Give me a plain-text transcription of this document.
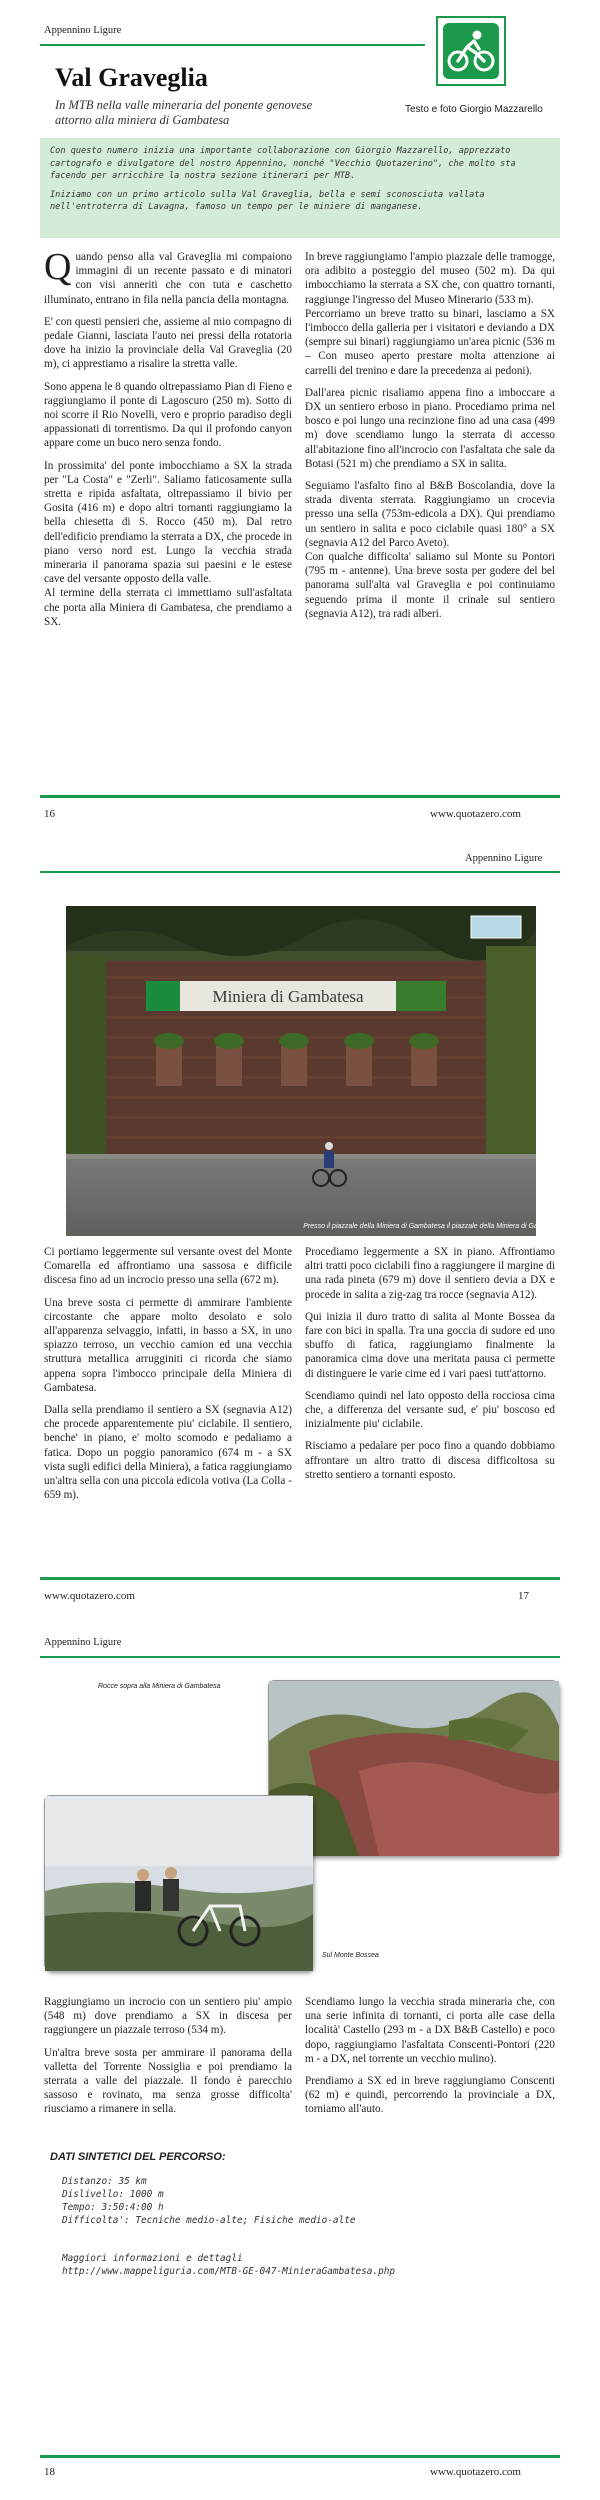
Appennino Ligure
Val Graveglia
In MTB nella valle mineraria del ponente genovese attorno alla miniera di Gambatesa
Testo e foto Giorgio Mazzarello

Con questo numero inizia una importante collaborazione con Giorgio Mazzarello, apprezzato cartografo e divulgatore del nostro Appennino, nonché "Vecchio Quotazerino", che molto sta facendo per arricchire la nostra sezione itinerari per MTB.

Iniziamo con un primo articolo sulla Val Graveglia, bella e semi sconosciuta vallata nell'entroterra di Lavagna, famoso un tempo per le miniere di manganese.

Quando penso alla val Graveglia mi compaiono immagini di un recente passato e di minatori con visi anneriti che con tuta e caschetto illuminato, entrano in fila nella pancia della montagna.

E' con questi pensieri che, assieme al mio compagno di pedale Gianni, lasciata l'auto nei pressi della rotatoria dove ha inizio la provinciale della Val Graveglia (20 m), ci apprestiamo a risalire la stretta valle.

Sono appena le 8 quando oltrepassiamo Pian di Fieno e raggiungiamo il ponte di Lagoscuro (250 m). Sotto di noi scorre il Rio Novelli, vero e proprio paradiso degli appassionati di torrentismo. Da qui il profondo canyon appare come un buco nero senza fondo.

In prossimita' del ponte imbocchiamo a SX la strada per "La Costa" e "Zerli". Saliamo faticosamente sulla stretta e ripida asfaltata, oltrepassiamo il bivio per Gosita (416 m) e dopo altri tornanti raggiungiamo la bella chiesetta di S. Rocco (450 m). Dal retro dell'edificio prendiamo la sterrata a DX, che procede in piano verso nord est. Lungo la vecchia strada mineraria il panorama spazia sui paesini e le estese cave del versante opposto della valle.

Al termine della sterrata ci immettiamo sull'asfaltata che porta alla Miniera di Gambatesa, che prendiamo a SX.

In breve raggiungiamo l'ampio piazzale delle tramogge, ora adibito a posteggio del museo (502 m). Da qui imbocchiamo la sterrata a SX che, con quattro tornanti, raggiunge l'ingresso del Museo Minerario (533 m).

Percorriamo un breve tratto su binari, lasciamo a SX l'imbocco della galleria per i visitatori e deviando a DX (sempre sui binari) raggiungiamo un'area picnic (536 m – Con museo aperto prestare molta attenzione ai carrelli del trenino e dare la precedenza ai pedoni).

Dall'area picnic risaliamo appena fino a imboccare a DX un sentiero erboso in piano. Procediamo prima nel bosco e poi lungo una recinzione fino ad una casa (499 m) dove scendiamo lungo la sterrata di accesso all'abitazione fino all'incrocio con l'asfaltata che sale da Botasi (521 m) che prendiamo a SX in salita.

Seguiamo l'asfalto fino al B&B Boscolandia, dove la strada diventa sterrata. Raggiungiamo un crocevia presso una sella (753m-edicola a DX). Qui prendiamo un sentiero in salita e poco ciclabile quasi 180° a SX (segnavia A12 del Parco Aveto).

Con qualche difficolta' saliamo sul Monte su Pontori (795 m - antenne). Una breve sosta per godere del bel panorama sull'alta val Graveglia e poi continuiamo seguendo prima il monte il crinale sul sentiero (segnavia A12), tra radi alberi.

16	www.quotazero.com
Appennino Ligure
Miniera di Gambatesa
Presso il piazzale della Miniera di Gambatesa il piazzale della Miniera di Gambatesa

Ci portiamo leggermente sul versante ovest del Monte Comarella ed affrontiamo una sassosa e difficile discesa fino ad un incrocio presso una sella (672 m).

Una breve sosta ci permette di ammirare l'ambiente circostante che appare molto desolato e solo all'apparenza selvaggio, infatti, in basso a SX, in uno spiazzo terroso, un vecchio camion ed una vecchia struttura metallica arrugginiti ci ricorda che siamo appena sopra l'imbocco principale della Miniera di Gambatesa.

Dalla sella prendiamo il sentiero a SX (segnavia A12) che procede apparentemente piu' ciclabile. Il sentiero, benche' in piano, e' molto scomodo e pedaliamo a fatica. Dopo un poggio panoramico (674 m - a SX vista sugli edifici della Miniera), a fatica raggiungiamo un'altra sella con una piccola edicola votiva (La Colla - 659 m).

Procediamo leggermente a SX in piano. Affrontiamo altri tratti poco ciclabili fino a raggiungere il margine di una rada pineta (679 m) dove il sentiero devia a DX e procede in salita a zig-zag tra rocce (segnavia A12).

Qui inizia il duro tratto di salita al Monte Bossea da fare con bici in spalla. Tra una goccia di sudore ed uno sbuffo di fatica, raggiungiamo finalmente la panoramica cima dove una meritata pausa ci permette di distinguere le varie cime ed i vari paesi tutt'attorno.

Scendiamo quindi nel lato opposto della rocciosa cima che, a differenza del versante sud, e' piu' boscoso ed inizialmente piu' ciclabile.

Risciamo a pedalare per poco fino a quando dobbiamo affrontare un altro tratto di discesa difficoltosa su stretto sentiero a tornanti esposto.

www.quotazero.com	17
Appennino Ligure
Rocce sopra alla Miniera di Gambatesa
Sul Monte Bossea

Raggiungiamo un incrocio con un sentiero piu' ampio (548 m) dove prendiamo a SX in discesa per raggiungere un piazzale terroso (534 m).

Un'altra breve sosta per ammirare il panorama della valletta del Torrente Nossiglia e poi prendiamo la sterrata a valle del piazzale. Il fondo è parecchio sassoso e rovinato, ma senza grosse difficolta' riusciamo a rimanere in sella.

Scendiamo lungo la vecchia strada mineraria che, con una serie infinita di tornanti, ci porta alle case della località' Castello (293 m - a DX B&B Castello) e poco dopo, raggiungiamo l'asfaltata Conscenti-Pontori (220 m - a DX, nel torrente un vecchio mulino).

Prendiamo a SX ed in breve raggiungiamo Conscenti (62 m) e quindi, percorrendo la provinciale a DX, torniamo all'auto.

DATI SINTETICI DEL PERCORSO:
Distanzo: 35 km
Dislivello: 1000 m
Tempo: 3:50:4:00 h
Difficolta': Tecniche medio-alte; Fisiche medio-alte
Maggiori informazioni e dettagli
http://www.mappeliguria.com/MTB-GE-047-MinieraGambatesa.php
18	www.quotazero.com
